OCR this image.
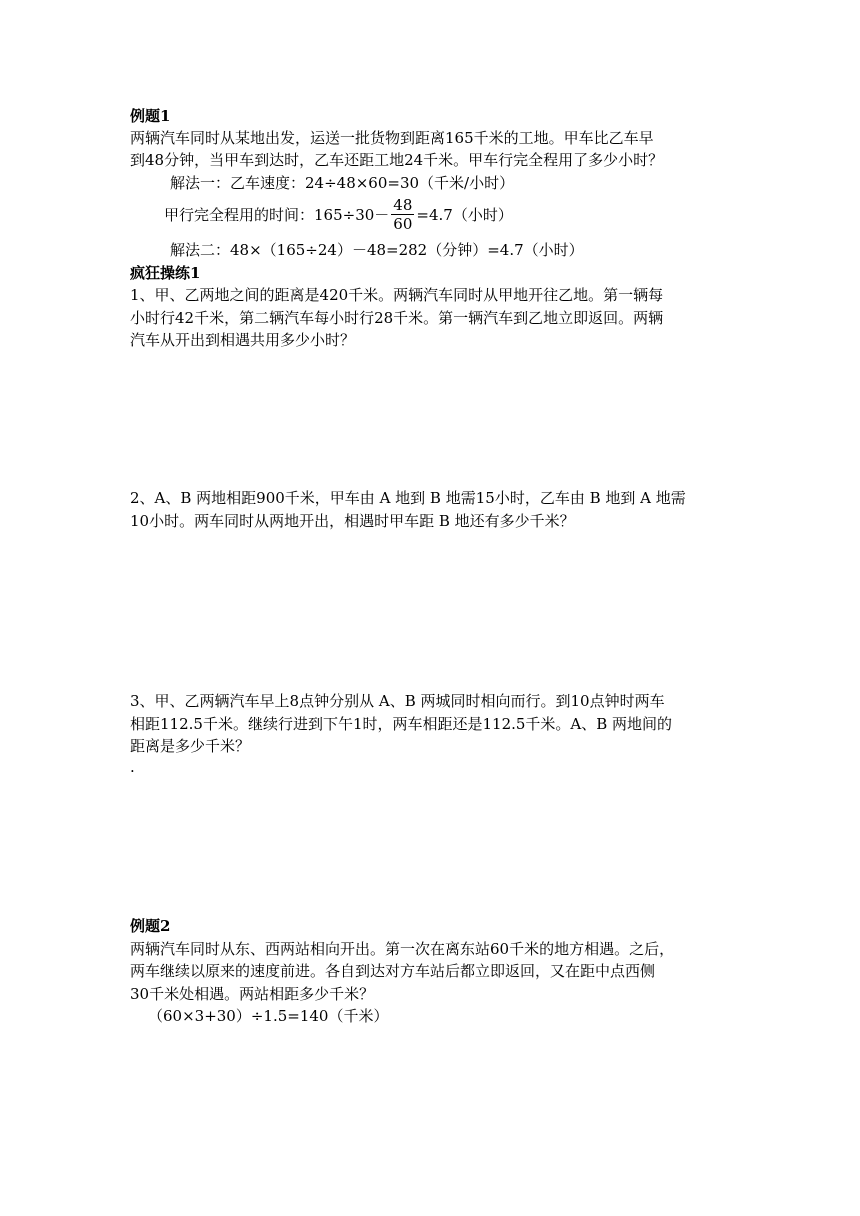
例题1

两辆汽车同时从某地出发，运送一批货物到距离165千米的工地。甲车比乙车早

到48分钟，当甲车到达时，乙车还距工地24千米。甲车行完全程用了多少小时？

解法一：乙车速度：24÷48×60=30（千米/小时）

甲行完全程用的时间：$165\div 30- \frac{48}{60} =4.7$（小时）

解法二：48×（165÷24）－48=282（分钟）=4.7（小时）

疯狂操练1

1、甲、乙两地之间的距离是420千米。两辆汽车同时从甲地开往乙地。第一辆每

小时行42千米，第二辆汽车每小时行28千米。第一辆汽车到乙地立即返回。两辆

汽车从开出到相遇共用多少小时？

2、A、B 两地相距900千米，甲车由 A 地到 B 地需15小时，乙车由 B 地到 A 地需

10小时。两车同时从两地开出，相遇时甲车距 B 地还有多少千米？

3、甲、乙两辆汽车早上8点钟分别从 A、B 两城同时相向而行。到10点钟时两车

相距112.5千米。继续行进到下午1时，两车相距还是112.5千米。A、B 两地间的

距离是多少千米？

.

例题2

两辆汽车同时从东、西两站相向开出。第一次在离东站60千米的地方相遇。之后，

两车继续以原来的速度前进。各自到达对方车站后都立即返回，又在距中点西侧

30千米处相遇。两站相距多少千米？

（60×3+30）÷1.5=140（千米）
